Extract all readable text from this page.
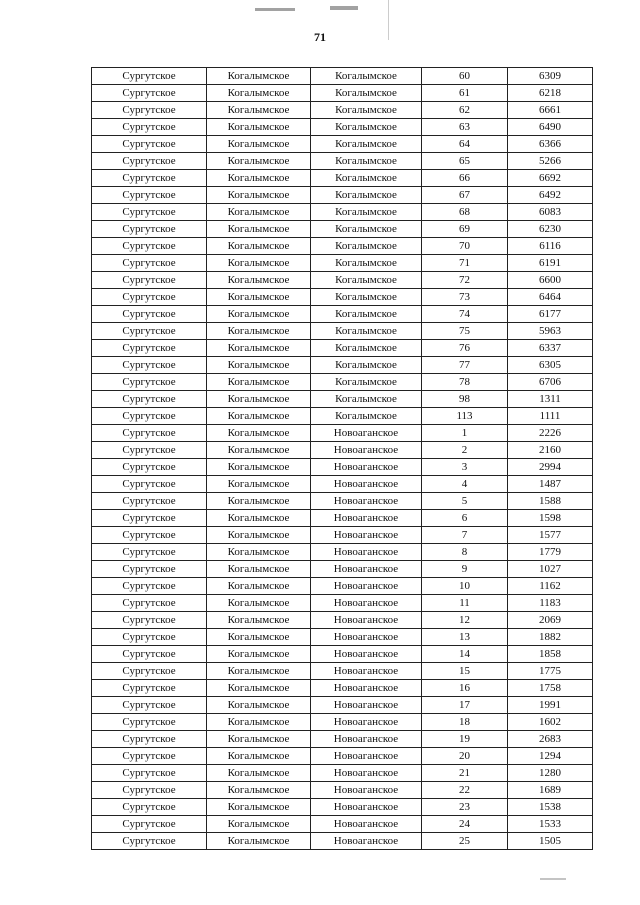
71
Сургутское	Когалымское	Когалымское	60	6309
Сургутское	Когалымское	Когалымское	61	6218
Сургутское	Когалымское	Когалымское	62	6661
Сургутское	Когалымское	Когалымское	63	6490
Сургутское	Когалымское	Когалымское	64	6366
Сургутское	Когалымское	Когалымское	65	5266
Сургутское	Когалымское	Когалымское	66	6692
Сургутское	Когалымское	Когалымское	67	6492
Сургутское	Когалымское	Когалымское	68	6083
Сургутское	Когалымское	Когалымское	69	6230
Сургутское	Когалымское	Когалымское	70	6116
Сургутское	Когалымское	Когалымское	71	6191
Сургутское	Когалымское	Когалымское	72	6600
Сургутское	Когалымское	Когалымское	73	6464
Сургутское	Когалымское	Когалымское	74	6177
Сургутское	Когалымское	Когалымское	75	5963
Сургутское	Когалымское	Когалымское	76	6337
Сургутское	Когалымское	Когалымское	77	6305
Сургутское	Когалымское	Когалымское	78	6706
Сургутское	Когалымское	Когалымское	98	1311
Сургутское	Когалымское	Когалымское	113	1111
Сургутское	Когалымское	Новоаганское	1	2226
Сургутское	Когалымское	Новоаганское	2	2160
Сургутское	Когалымское	Новоаганское	3	2994
Сургутское	Когалымское	Новоаганское	4	1487
Сургутское	Когалымское	Новоаганское	5	1588
Сургутское	Когалымское	Новоаганское	6	1598
Сургутское	Когалымское	Новоаганское	7	1577
Сургутское	Когалымское	Новоаганское	8	1779
Сургутское	Когалымское	Новоаганское	9	1027
Сургутское	Когалымское	Новоаганское	10	1162
Сургутское	Когалымское	Новоаганское	11	1183
Сургутское	Когалымское	Новоаганское	12	2069
Сургутское	Когалымское	Новоаганское	13	1882
Сургутское	Когалымское	Новоаганское	14	1858
Сургутское	Когалымское	Новоаганское	15	1775
Сургутское	Когалымское	Новоаганское	16	1758
Сургутское	Когалымское	Новоаганское	17	1991
Сургутское	Когалымское	Новоаганское	18	1602
Сургутское	Когалымское	Новоаганское	19	2683
Сургутское	Когалымское	Новоаганское	20	1294
Сургутское	Когалымское	Новоаганское	21	1280
Сургутское	Когалымское	Новоаганское	22	1689
Сургутское	Когалымское	Новоаганское	23	1538
Сургутское	Когалымское	Новоаганское	24	1533
Сургутское	Когалымское	Новоаганское	25	1505
